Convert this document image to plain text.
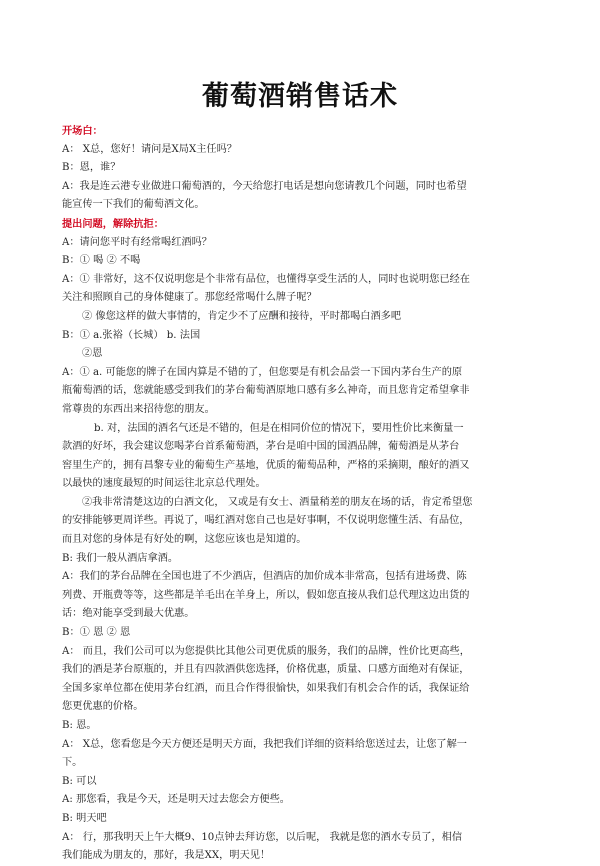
葡萄酒销售话术
开场白：
A： X总，您好！请问是X局X主任吗？
B：恩，谁？
A：我是连云港专业做进口葡萄酒的，今天给您打电话是想向您请教几个问题，同时也希望
能宣传一下我们的葡萄酒文化。
提出问题，解除抗拒：
A：请问您平时有经常喝红酒吗？
B：① 喝 ② 不喝
A：① 非常好，这不仅说明您是个非常有品位，也懂得享受生活的人，同时也说明您已经在
关注和照顾自己的身体健康了。那您经常喝什么牌子呢？
② 像您这样的做大事情的，肯定少不了应酬和接待，平时都喝白酒多吧
B：① a.张裕（长城） b. 法国
②恩
A：① a. 可能您的牌子在国内算是不错的了，但您要是有机会品尝一下国内茅台生产的原
瓶葡萄酒的话，您就能感受到我们的茅台葡萄酒原地口感有多么神奇，而且您肯定希望拿非
常尊贵的东西出来招待您的朋友。
b. 对，法国的酒名气还是不错的，但是在相同价位的情况下，要用性价比来衡量一
款酒的好坏，我会建议您喝茅台首系葡萄酒，茅台是咱中国的国酒品牌，葡萄酒是从茅台
窖里生产的，拥有昌黎专业的葡萄生产基地，优质的葡萄品种，严格的采摘期，酿好的酒又
以最快的速度最短的时间运往北京总代理处。
②我非常清楚这边的白酒文化， 又或是有女士、酒量稍差的朋友在场的话，肯定希望您
的安排能够更周详些。再说了，喝红酒对您自己也是好事啊，不仅说明您懂生活、有品位，
而且对您的身体是有好处的啊，这您应该也是知道的。
B: 我们一般从酒店拿酒。
A：我们的茅台品牌在全国也进了不少酒店，但酒店的加价成本非常高，包括有进场费、陈
列费、开瓶费等等，这些都是羊毛出在羊身上，所以，假如您直接从我们总代理这边出货的
话：绝对能享受到最大优惠。
B：① 恩 ② 恩
A： 而且，我们公司可以为您提供比其他公司更优质的服务，我们的品牌，性价比更高些，
我们的酒是茅台原瓶的，并且有四款酒供您选择，价格优惠，质量、口感方面绝对有保证，
全国多家单位都在使用茅台红酒，而且合作得很愉快，如果我们有机会合作的话，我保证给
您更优惠的价格。
B: 恩。
A： X总，您看您是今天方便还是明天方面，我把我们详细的资料给您送过去，让您了解一
下。
B: 可以
A: 那您看，我是今天，还是明天过去您会方便些。
B: 明天吧
A： 行，那我明天上午大概9、10点钟去拜访您，以后呢， 我就是您的酒水专员了，相信
我们能成为朋友的，那好，我是XX，明天见！
